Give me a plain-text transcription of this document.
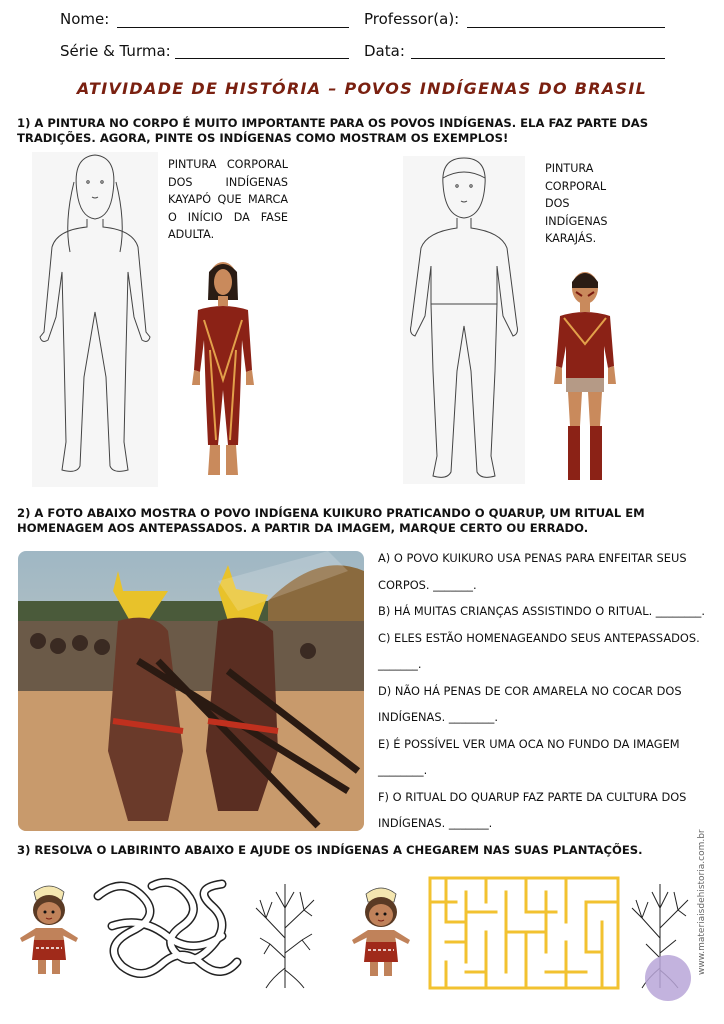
Nome:	Professor(a):
Série & Turma:	Data:
ATIVIDADE DE HISTÓRIA – POVOS INDÍGENAS DO BRASIL
1) A PINTURA NO CORPO É MUITO IMPORTANTE PARA OS POVOS INDÍGENAS. ELA FAZ PARTE DAS TRADIÇÕES. AGORA, PINTE OS INDÍGENAS COMO MOSTRAM OS EXEMPLOS!
PINTURA CORPORAL DOS INDÍGENAS KAYAPÓ QUE MARCA O INÍCIO DA FASE ADULTA.
PINTURA CORPORAL DOS INDÍGENAS KARAJÁS.
2) A FOTO ABAIXO MOSTRA O POVO INDÍGENA KUIKURO PRATICANDO O QUARUP, UM RITUAL EM HOMENAGEM AOS ANTEPASSADOS. A PARTIR DA IMAGEM, MARQUE CERTO OU ERRADO.
A) O POVO KUIKURO USA PENAS PARA ENFEITAR SEUS CORPOS. _______.
B) HÁ MUITAS CRIANÇAS ASSISTINDO O RITUAL. ________.
C) ELES ESTÃO HOMENAGEANDO SEUS ANTEPASSADOS. _______.
D) NÃO HÁ PENAS DE COR AMARELA NO COCAR DOS INDÍGENAS. ________.
E) É POSSÍVEL VER UMA OCA NO FUNDO DA IMAGEM ________.
F) O RITUAL DO QUARUP FAZ PARTE DA CULTURA DOS INDÍGENAS. _______.
www.materiaisdehistoria.com.br
3) RESOLVA O LABIRINTO ABAIXO E AJUDE OS INDÍGENAS A CHEGAREM NAS SUAS PLANTAÇÕES.
